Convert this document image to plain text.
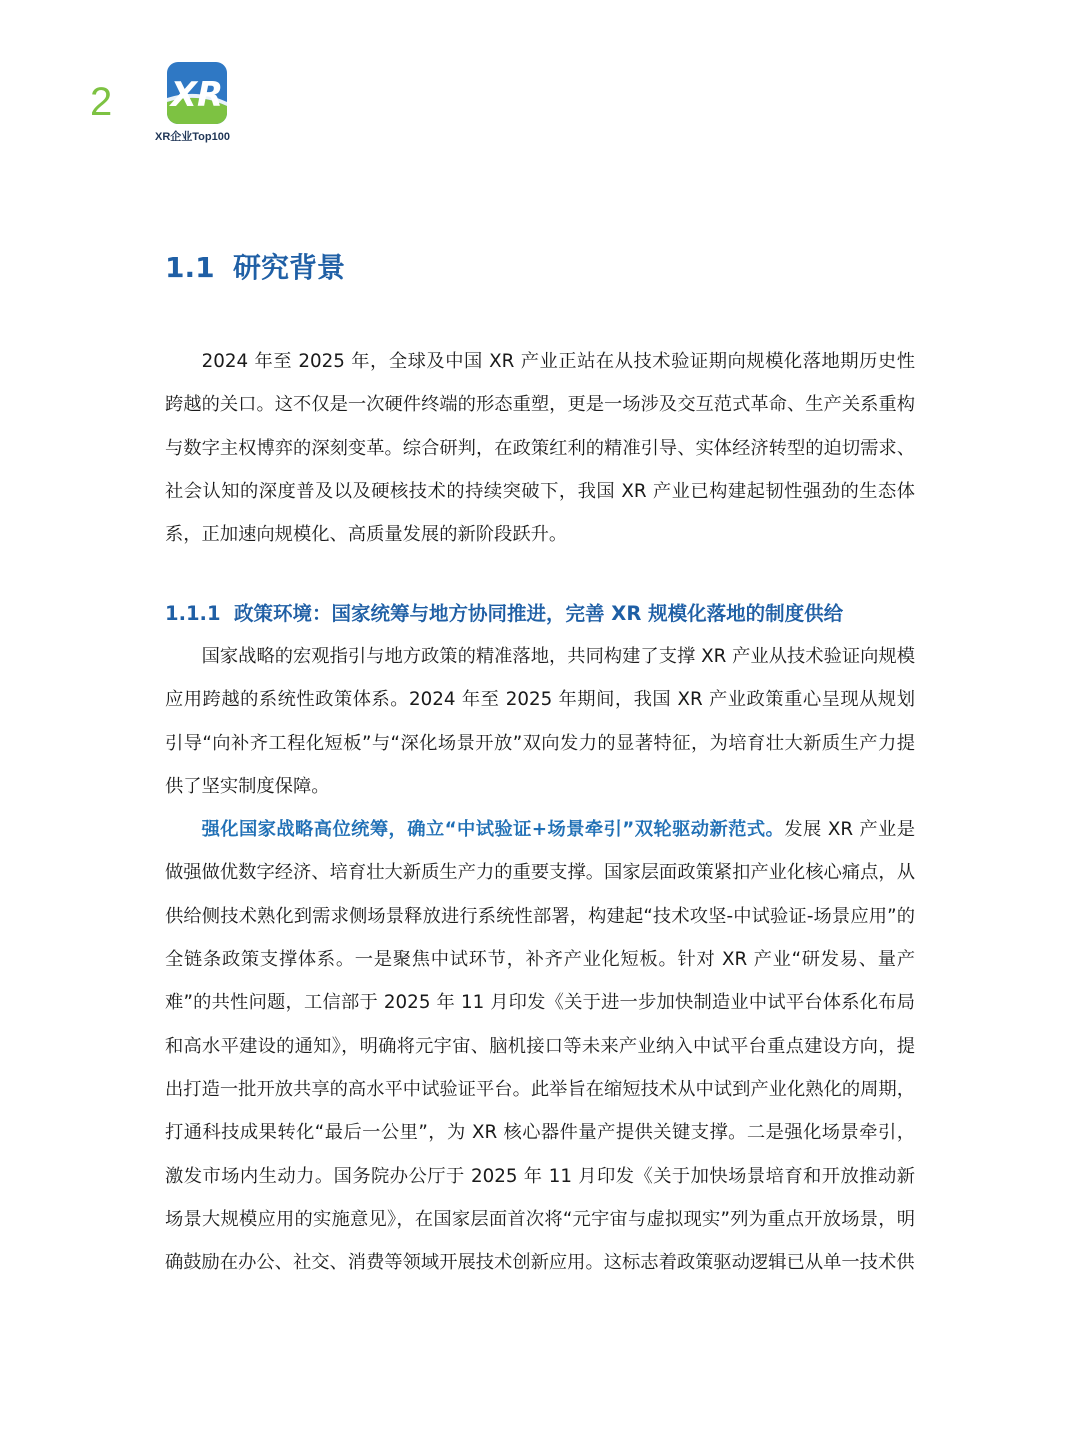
2 XR
XR企业Top100
1.1 研究背景

2024 年至 2025 年，全球及中国 XR 产业正站在从技术验证期向规模化落地期历史性跨越的关口。这不仅是一次硬件终端的形态重塑，更是一场涉及交互范式革命、生产关系重构与数字主权博弈的深刻变革。综合研判，在政策红利的精准引导、实体经济转型的迫切需求、社会认知的深度普及以及硬核技术的持续突破下，我国 XR 产业已构建起韧性强劲的生态体系，正加速向规模化、高质量发展的新阶段跃升。

1.1.1 政策环境：国家统筹与地方协同推进，完善 XR 规模化落地的制度供给

国家战略的宏观指引与地方政策的精准落地，共同构建了支撑 XR 产业从技术验证向规模应用跨越的系统性政策体系。2024 年至 2025 年期间，我国 XR 产业政策重心呈现从规划引导“向补齐工程化短板”与“深化场景开放”双向发力的显著特征，为培育壮大新质生产力提供了坚实制度保障。

强化国家战略高位统筹，确立“中试验证+场景牵引”双轮驱动新范式。发展 XR 产业是做强做优数字经济、培育壮大新质生产力的重要支撑。国家层面政策紧扣产业化核心痛点，从供给侧技术熟化到需求侧场景释放进行系统性部署，构建起“技术攻坚-中试验证-场景应用”的全链条政策支撑体系。一是聚焦中试环节，补齐产业化短板。针对 XR 产业“研发易、量产难”的共性问题，工信部于 2025 年 11 月印发《关于进一步加快制造业中试平台体系化布局和高水平建设的通知》，明确将元宇宙、脑机接口等未来产业纳入中试平台重点建设方向，提出打造一批开放共享的高水平中试验证平台。此举旨在缩短技术从中试到产业化熟化的周期，打通科技成果转化“最后一公里”，为 XR 核心器件量产提供关键支撑。二是强化场景牵引，激发市场内生动力。国务院办公厅于 2025 年 11 月印发《关于加快场景培育和开放推动新场景大规模应用的实施意见》，在国家层面首次将“元宇宙与虚拟现实”列为重点开放场景，明确鼓励在办公、社交、消费等领域开展技术创新应用。这标志着政策驱动逻辑已从单一技术供
